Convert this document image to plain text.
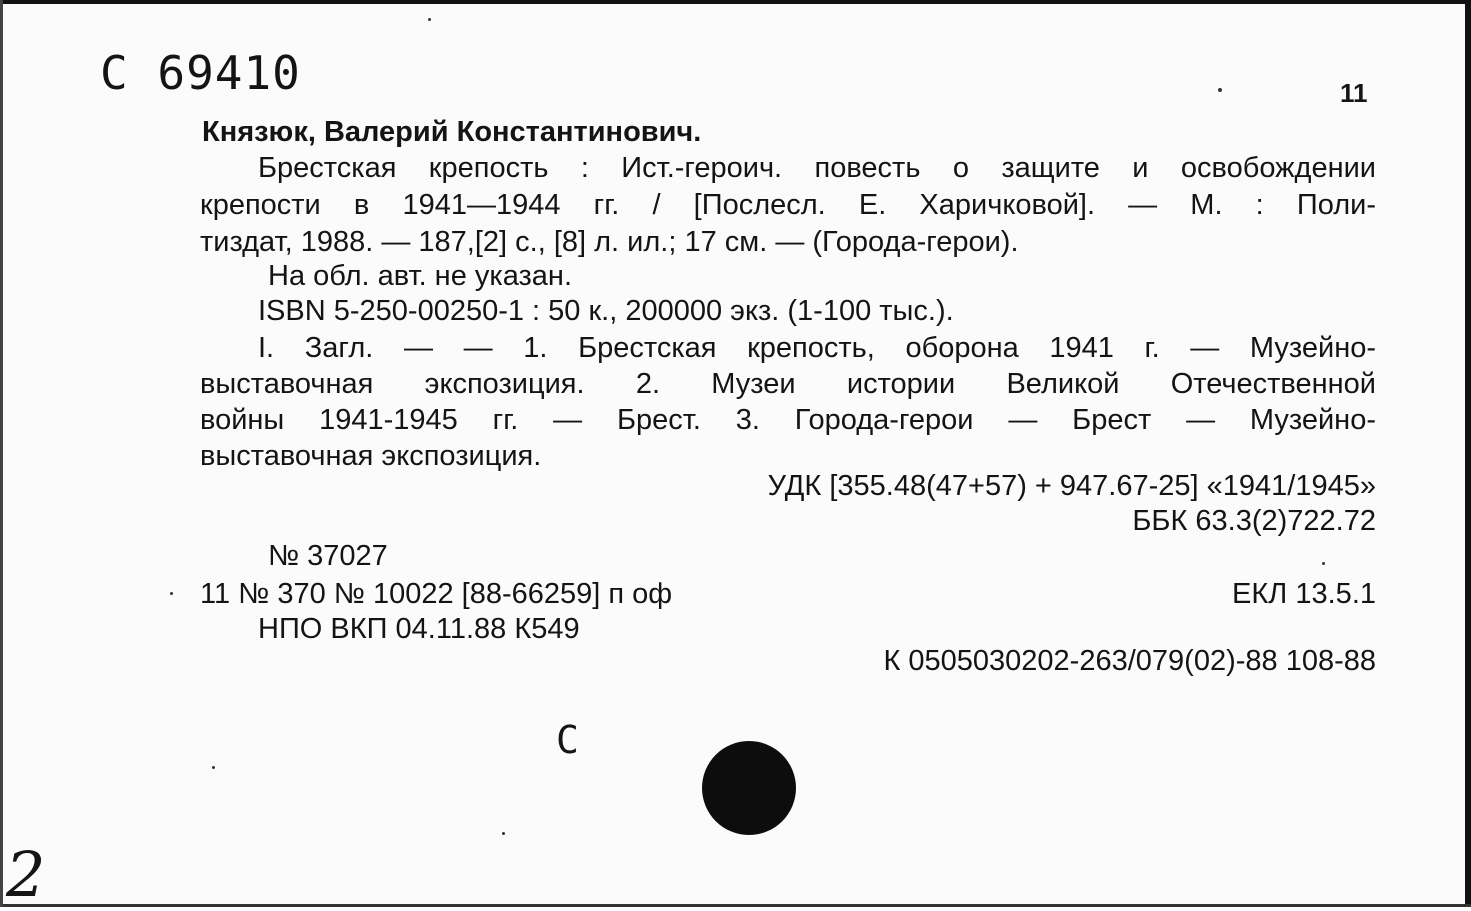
С 69410	11
Князюк, Валерий Константинович.
Брестская крепость : Ист.-героич. повесть о защите и освобождении
крепости в 1941—1944 гг. / [Послесл. Е. Харичковой]. — М. : Поли-
тиздат, 1988. — 187,[2] с., [8] л. ил.; 17 см. — (Города-герои).
На обл. авт. не указан.
ISBN 5-250-00250-1 : 50 к., 200000 экз. (1-100 тыс.).
I. Загл. — — 1. Брестская крепость, оборона 1941 г. — Музейно-
выставочная экспозиция. 2. Музеи истории Великой Отечественной
войны 1941-1945 гг. — Брест. 3. Города-герои — Брест — Музейно-
выставочная экспозиция.
УДК [355.48(47+57) + 947.67-25] «1941/1945»
ББК 63.3(2)722.72
№ 37027
11 № 370 № 10022 [88-66259] п оф	ЕКЛ 13.5.1
НПО ВКП 04.11.88 К549
К 0505030202-263/079(02)-88 108-88
С
2
